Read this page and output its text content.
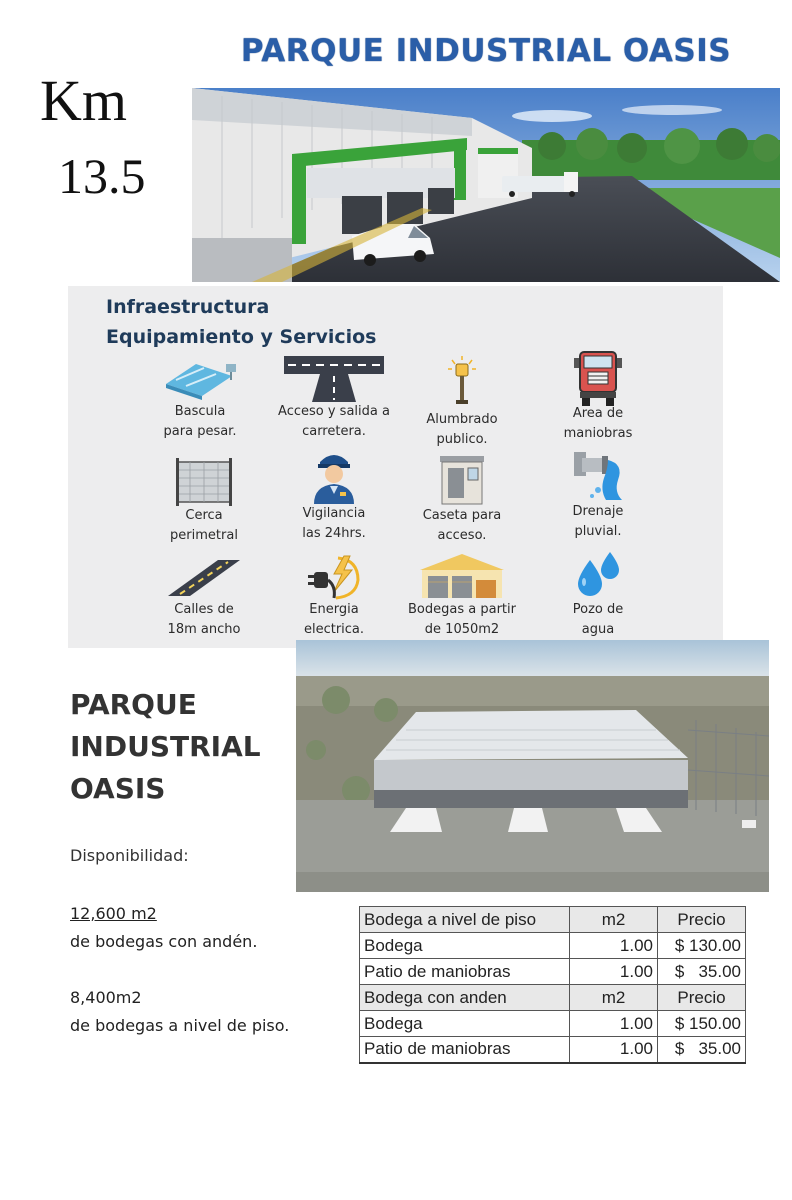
Km
13.5
PARQUE INDUSTRIAL OASIS
Infraestructura
Equipamiento y Servicios
Bascula
para pesar.
Acceso y salida a
carretera.
Alumbrado
publico.
Area de
maniobras
Cerca
perimetral
Vigilancia
las 24hrs.
Caseta para
acceso.
Drenaje
pluvial.
Calles de
18m ancho
Energia
electrica.
Bodegas a partir
de 1050m2
Pozo de
agua
PARQUE
INDUSTRIAL
OASIS
Disponibilidad:
12,600 m2
de bodegas con andén.
8,400m2
de bodegas a nivel de piso.
Bodega a nivel de piso	m2	Precio
Bodega	1.00	$ 130.00
Patio de maniobras	1.00	$   35.00
Bodega con anden	m2	Precio
Bodega	1.00	$ 150.00
Patio de maniobras	1.00	$   35.00
